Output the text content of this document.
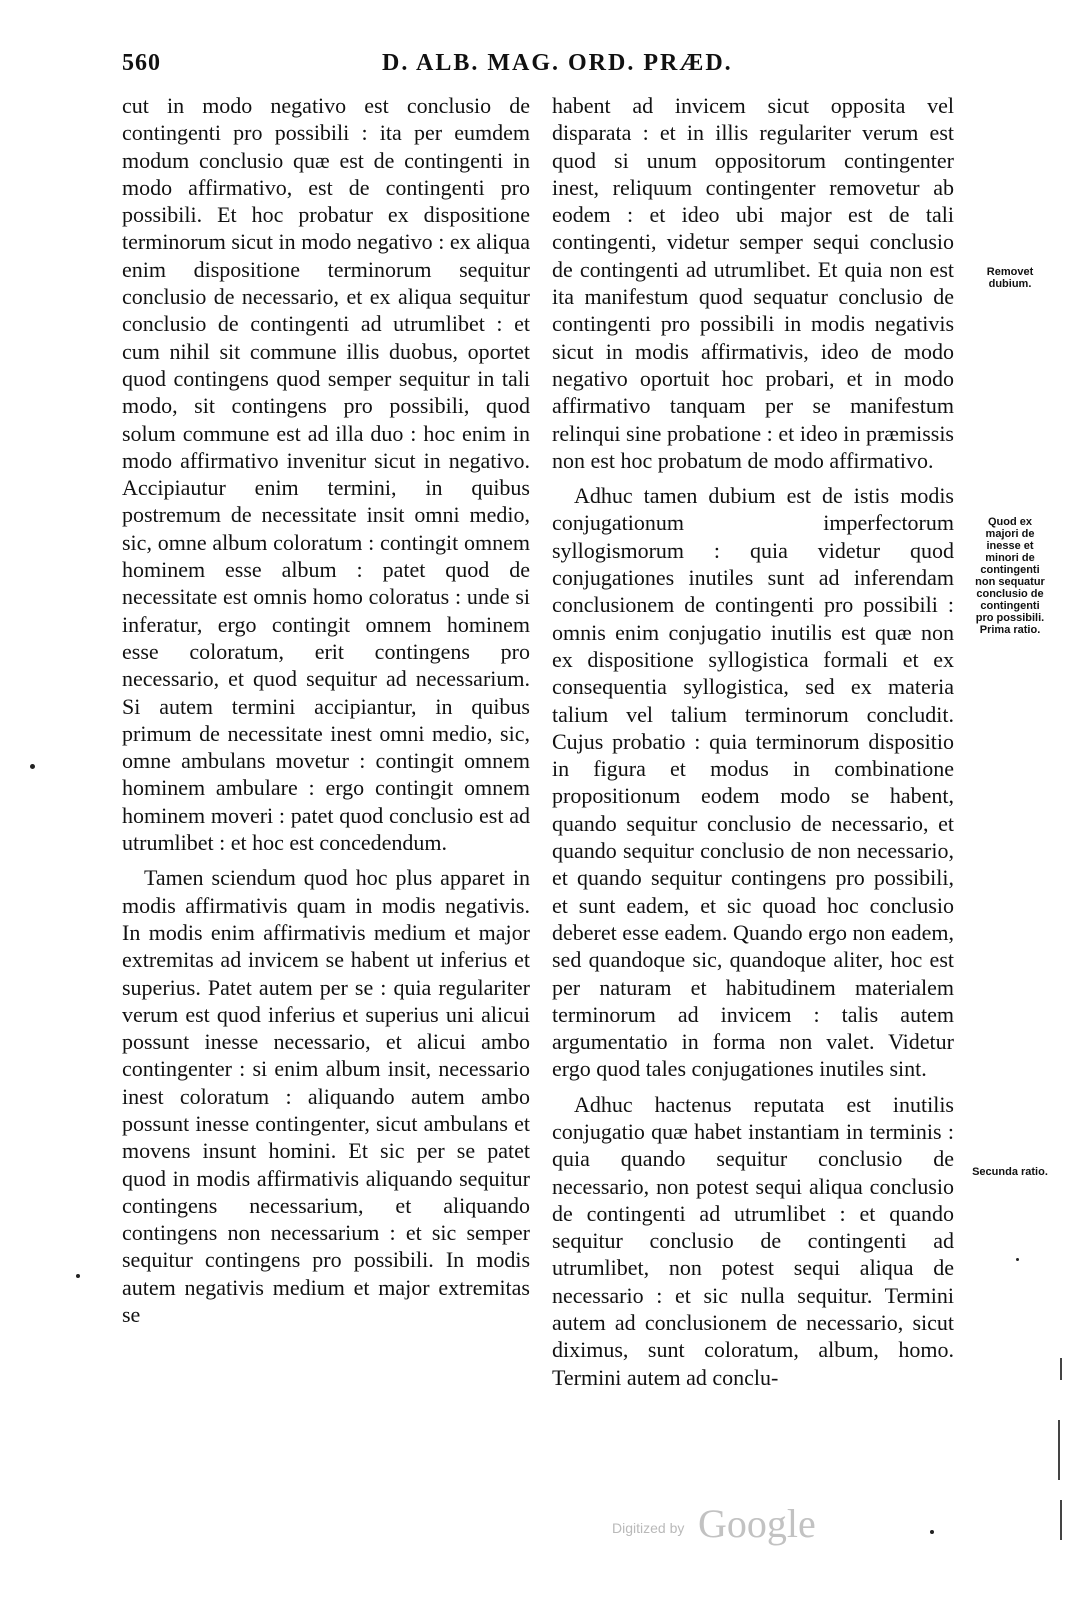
560	D. ALB. MAG. ORD. PRÆD.

cut in modo negativo est conclusio de contingenti pro possibili : ita per eumdem modum conclusio quæ est de contingenti in modo affirmativo, est de contingenti pro possibili. Et hoc probatur ex dispositione terminorum sicut in modo negativo : ex aliqua enim dispositione terminorum sequitur conclusio de necessario, et ex aliqua sequitur conclusio de contingenti ad utrumlibet : et cum nihil sit commune illis duobus, oportet quod contingens quod semper sequitur in tali modo, sit contingens pro possibili, quod solum commune est ad illa duo : hoc enim in modo affirmativo invenitur sicut in negativo. Accipiautur enim termini, in quibus postremum de necessitate insit omni medio, sic, omne album coloratum : contingit omnem hominem esse album : patet quod de necessitate est omnis homo coloratus : unde si inferatur, ergo contingit omnem hominem esse coloratum, erit contingens pro necessario, et quod sequitur ad necessarium. Si autem termini accipiantur, in quibus primum de necessitate inest omni medio, sic, omne ambulans movetur : contingit omnem hominem ambulare : ergo contingit omnem hominem moveri : patet quod conclusio est ad utrumlibet : et hoc est concedendum.

Tamen sciendum quod hoc plus apparet in modis affirmativis quam in modis negativis. In modis enim affirmativis medium et major extremitas ad invicem se habent ut inferius et superius. Patet autem per se : quia regulariter verum est quod inferius et superius uni alicui possunt inesse necessario, et alicui ambo contingenter : si enim album insit, necessario inest coloratum : aliquando autem ambo possunt inesse contingenter, sicut ambulans et movens insunt homini. Et sic per se patet quod in modis affirmativis aliquando sequitur contingens necessarium, et aliquando contingens non necessarium : et sic semper sequitur contingens pro possibili. In modis autem negativis medium et major extremitas se

habent ad invicem sicut opposita vel disparata : et in illis regulariter verum est quod si unum oppositorum contingenter inest, reliquum contingenter removetur ab eodem : et ideo ubi major est de tali contingenti, videtur semper sequi conclusio de contingenti ad utrumlibet. Et quia non est ita manifestum quod sequatur conclusio de contingenti pro possibili in modis negativis sicut in modis affirmativis, ideo de modo negativo oportuit hoc probari, et in modo affirmativo tanquam per se manifestum relinqui sine probatione : et ideo in præmissis non est hoc probatum de modo affirmativo.

Adhuc tamen dubium est de istis modis conjugationum imperfectorum syllogismorum : quia videtur quod conjugationes inutiles sunt ad inferendam conclusionem de contingenti pro possibili : omnis enim conjugatio inutilis est quæ non ex dispositione syllogistica formali et ex consequentia syllogistica, sed ex materia talium vel talium terminorum concludit. Cujus probatio : quia terminorum dispositio in figura et modus in combinatione propositionum eodem modo se habent, quando sequitur conclusio de necessario, et quando sequitur conclusio de non necessario, et quando sequitur contingens pro possibili, et sunt eadem, et sic quoad hoc conclusio deberet esse eadem. Quando ergo non eadem, sed quandoque sic, quandoque aliter, hoc est per naturam et habitudinem materialem terminorum ad invicem : talis autem argumentatio in forma non valet. Videtur ergo quod tales conjugationes inutiles sint.

Adhuc hactenus reputata est inutilis conjugatio quæ habet instantiam in terminis : quia quando sequitur conclusio de necessario, non potest sequi aliqua conclusio de contingenti ad utrumlibet : et quando sequitur conclusio de contingenti ad utrumlibet, non potest sequi aliqua de necessario : et sic nulla sequitur. Termini autem ad conclusionem de necessario, sicut diximus, sunt coloratum, album, homo. Termini autem ad conclu-

Removet dubium.
Quod ex majori de inesse et minori de contingenti non sequatur conclusio de contingenti pro possibili. Prima ratio.
Secunda ratio.
Digitized by Google
